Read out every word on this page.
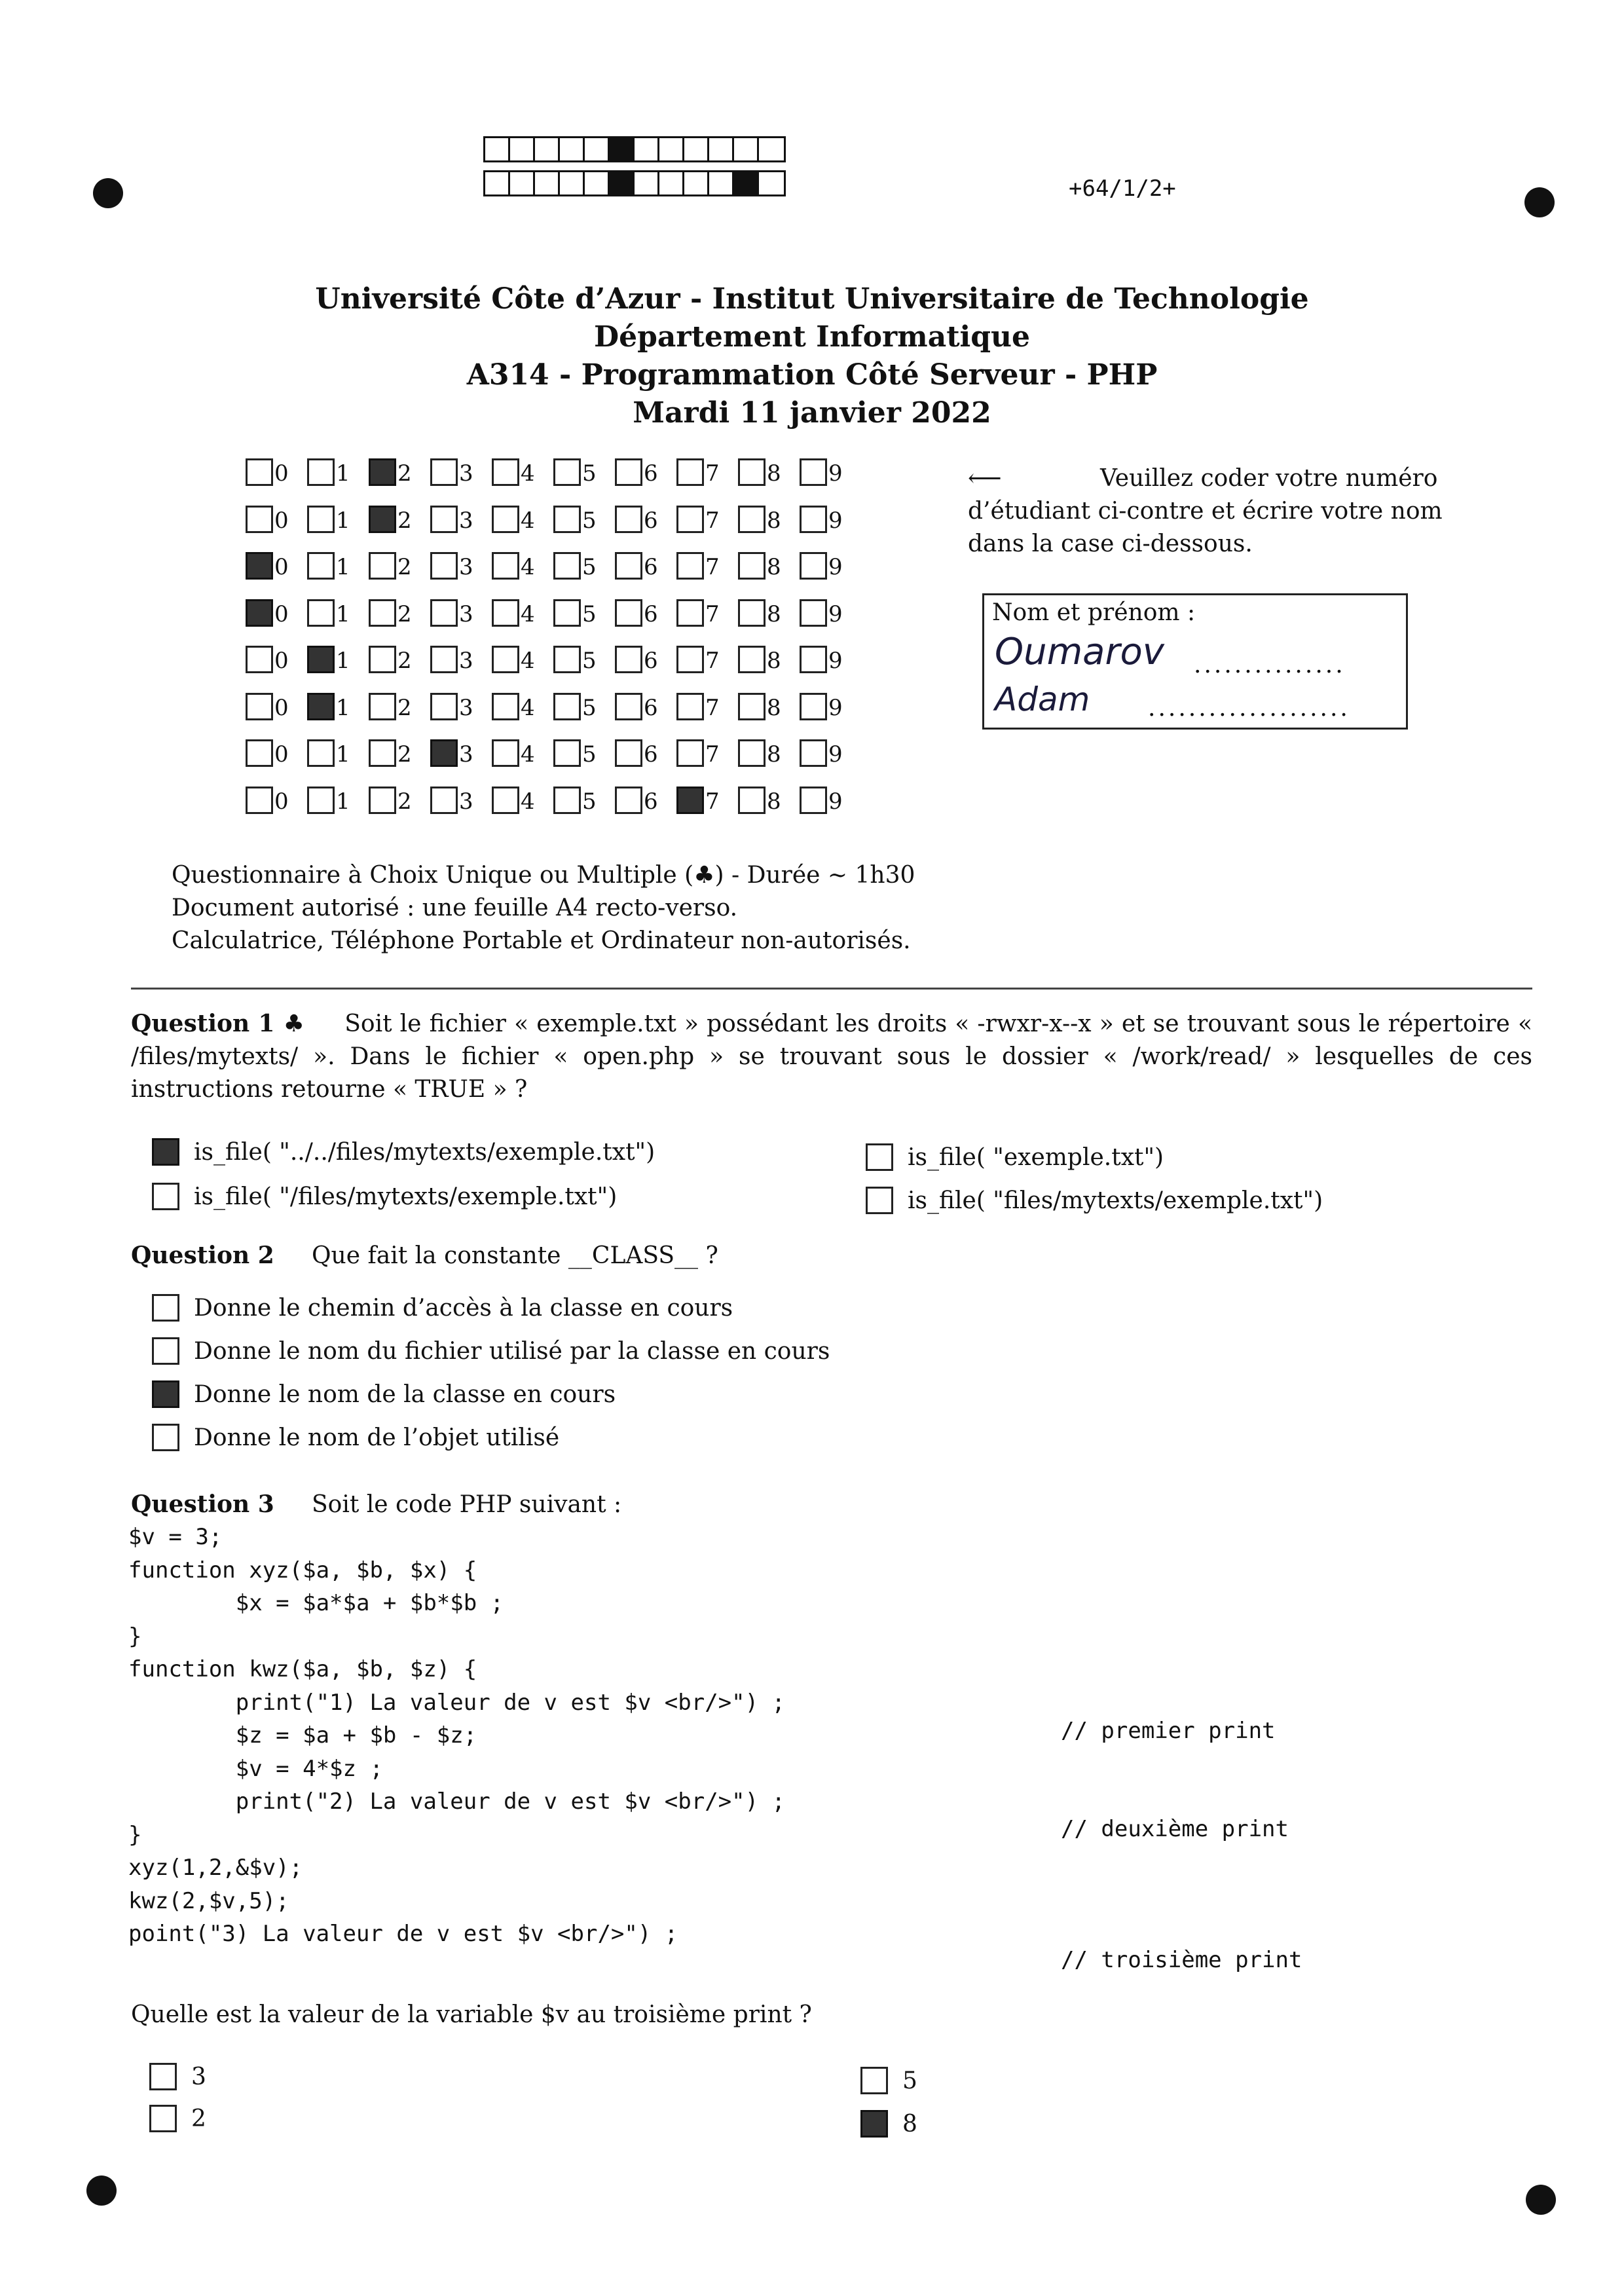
+64/1/2+
Université Côte d’Azur - Institut Universitaire de Technologie
Département Informatique
A314 - Programmation Côté Serveur - PHP
Mardi 11 janvier 2022
0 1 2 3 4 5 6 7 8 9
0 1 2 3 4 5 6 7 8 9
0 1 2 3 4 5 6 7 8 9
0 1 2 3 4 5 6 7 8 9
0 1 2 3 4 5 6 7 8 9
0 1 2 3 4 5 6 7 8 9
0 1 2 3 4 5 6 7 8 9
0 1 2 3 4 5 6 7 8 9
⟵	Veuillez coder votre numéro
d’étudiant ci-contre et écrire votre nom
dans la case ci-dessous.
Nom et prénom :
Oumarov ...............
Adam ....................
Questionnaire à Choix Unique ou Multiple (♣) - Durée ∼ 1h30
Document autorisé : une feuille A4 recto-verso.
Calculatrice, Téléphone Portable et Ordinateur non-autorisés.
Question 1 ♣ Soit le fichier « exemple.txt » possédant les droits « -rwxr-x--x » et se trouvant sous le répertoire « /files/mytexts/ ». Dans le fichier « open.php » se trouvant sous le dossier « /work/read/ » lesquelles de ces instructions retourne « TRUE » ?
is_file( "../../files/mytexts/exemple.txt")
is_file( "/files/mytexts/exemple.txt")
is_file( "exemple.txt")
is_file( "files/mytexts/exemple.txt")
Question 2 Que fait la constante __CLASS__ ?
Donne le chemin d’accès à la classe en cours
Donne le nom du fichier utilisé par la classe en cours
Donne le nom de la classe en cours
Donne le nom de l’objet utilisé
Question 3 Soit le code PHP suivant :
$v = 3;
function xyz($a, $b, $x) {
$x = $a*$a + $b*$b ;
}
function kwz($a, $b, $z) {
print("1) La valeur de v est $v <br/>") ;
$z = $a + $b - $z;
$v = 4*$z ;
print("2) La valeur de v est $v <br/>") ;
}
xyz(1,2,&$v);
kwz(2,$v,5);
point("3) La valeur de v est $v <br/>") ;
// premier print
// deuxième print
// troisième print
Quelle est la valeur de la variable $v au troisième print ?
3
2
5
8
